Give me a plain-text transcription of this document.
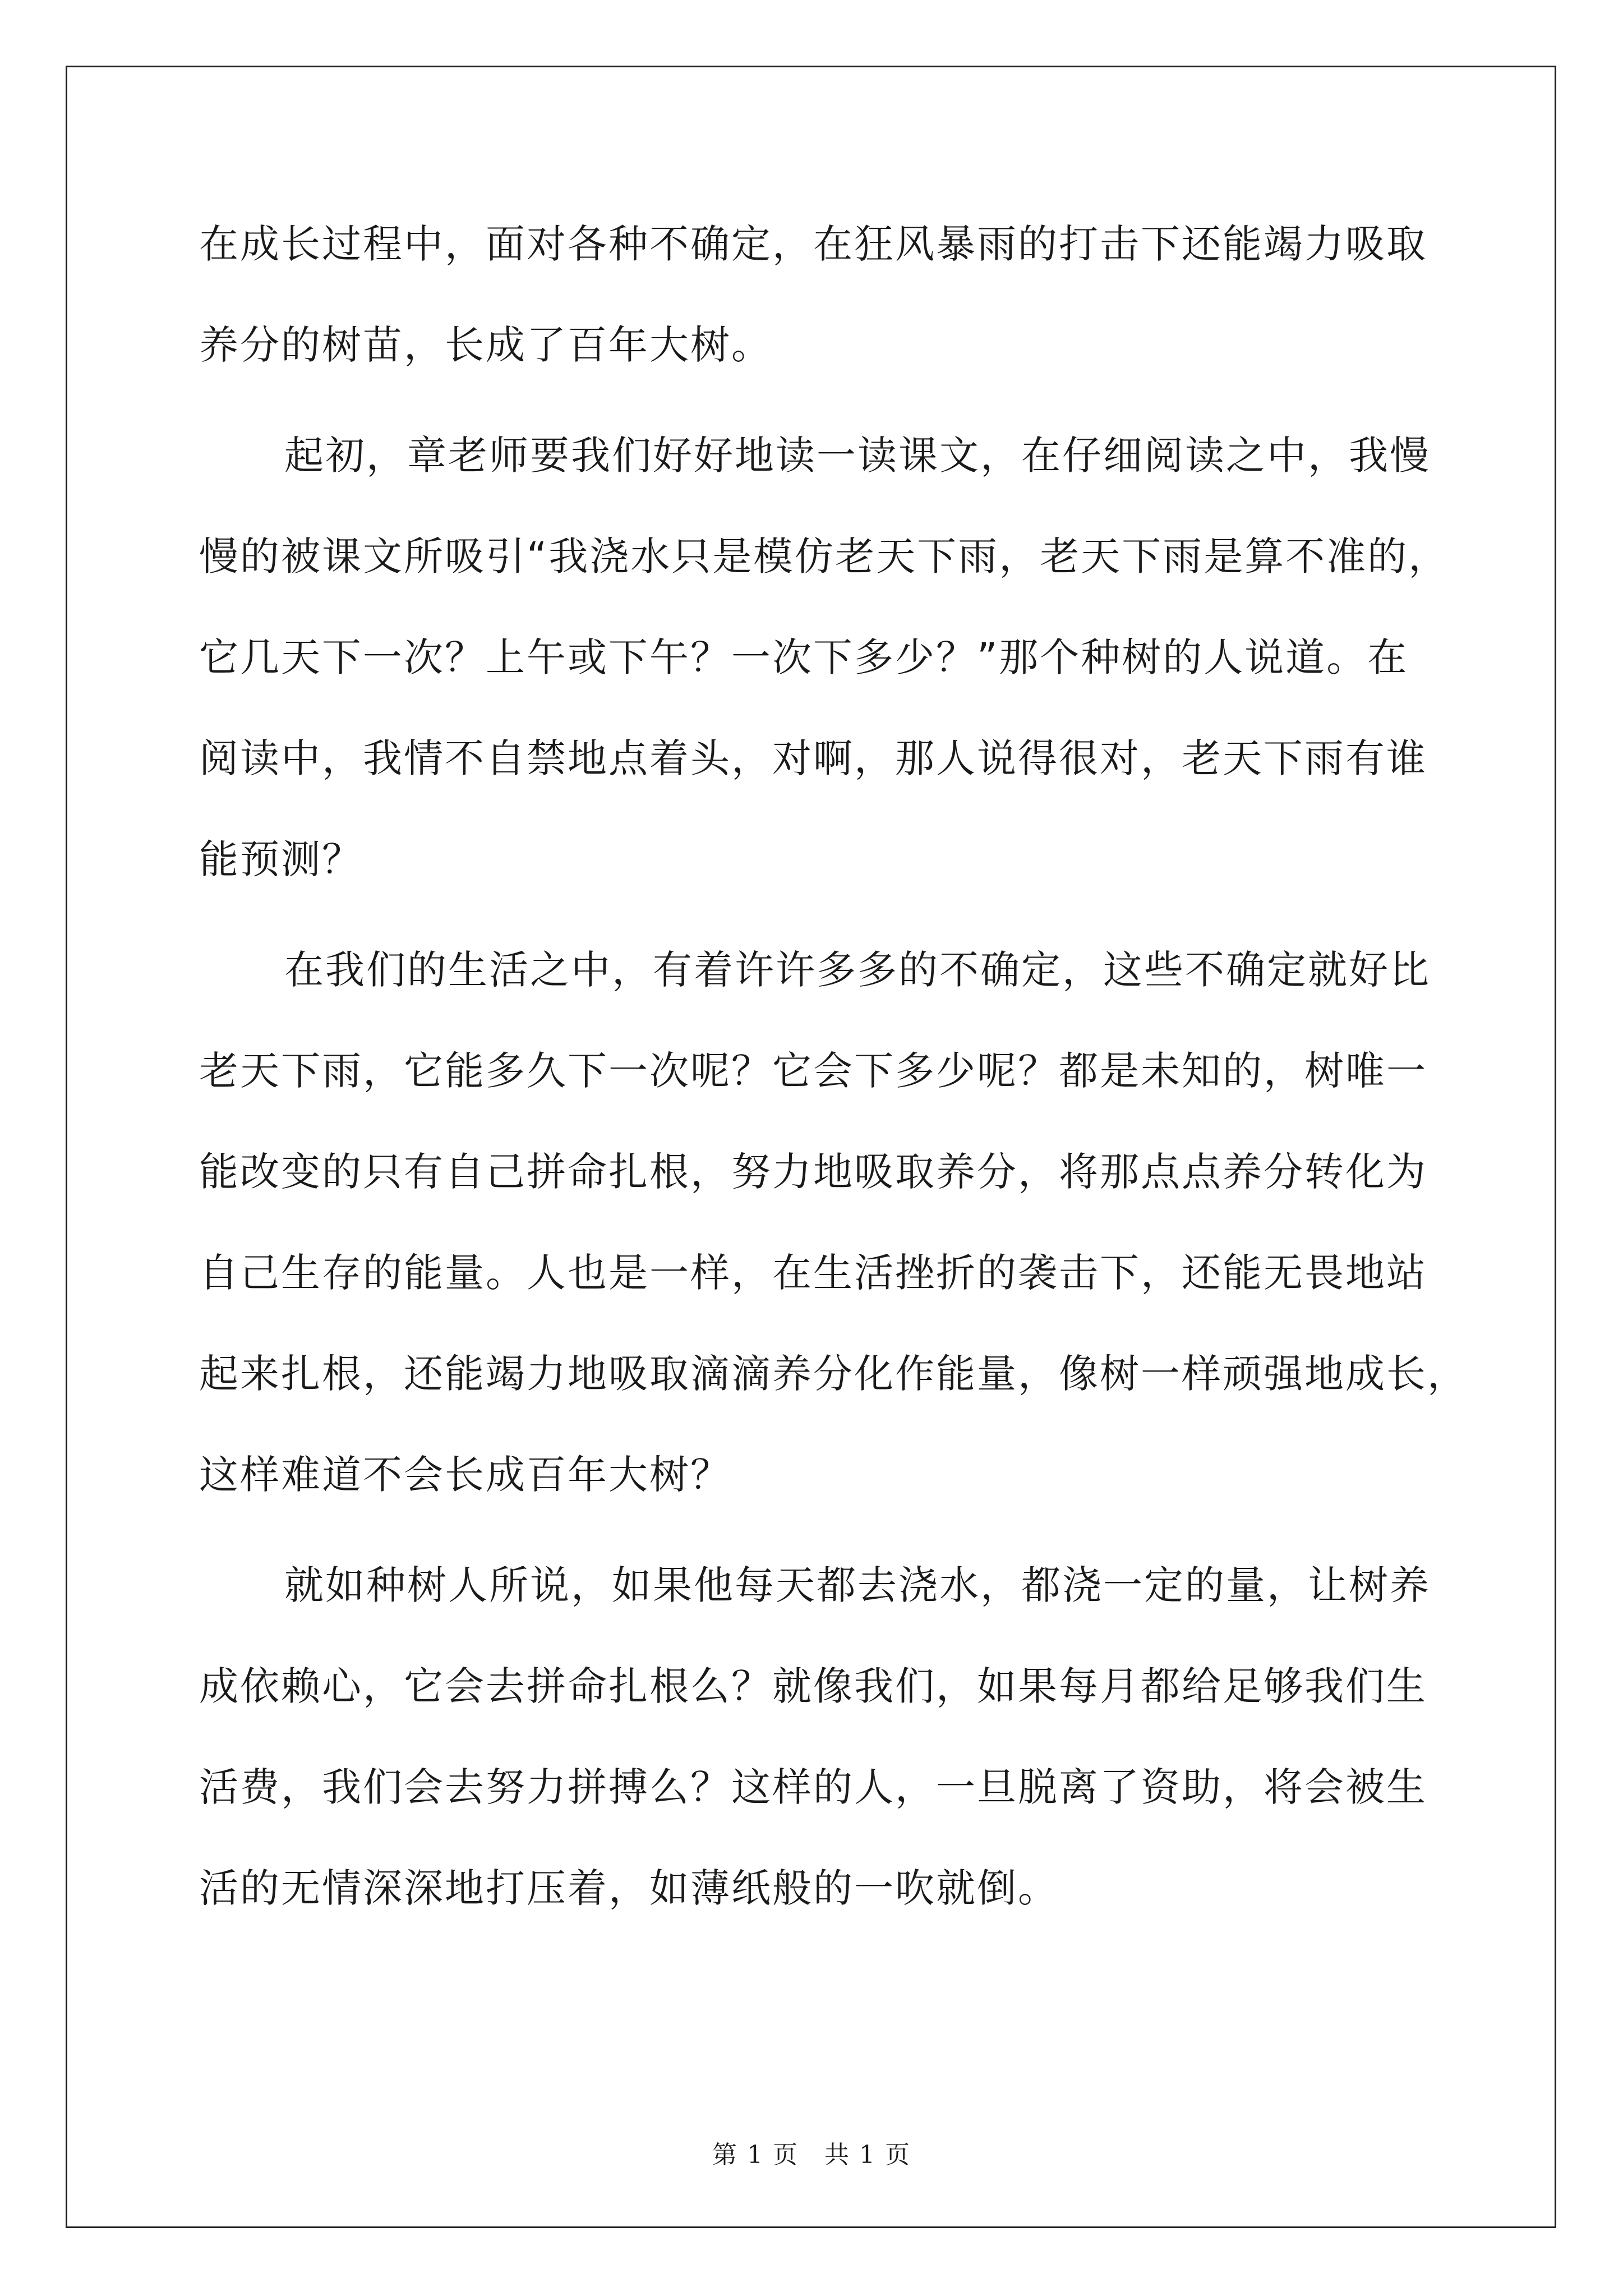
在成长过程中，面对各种不确定，在狂风暴雨的打击下还能竭力吸取
养分的树苗，长成了百年大树。
起初，章老师要我们好好地读一读课文，在仔细阅读之中，我慢
慢的被课文所吸引“我浇水只是模仿老天下雨，老天下雨是算不准的，
它几天下一次？上午或下午？一次下多少？”那个种树的人说道。在
阅读中，我情不自禁地点着头，对啊，那人说得很对，老天下雨有谁
能预测？
在我们的生活之中，有着许许多多的不确定，这些不确定就好比
老天下雨，它能多久下一次呢？它会下多少呢？都是未知的，树唯一
能改变的只有自己拼命扎根，努力地吸取养分，将那点点养分转化为
自己生存的能量。人也是一样，在生活挫折的袭击下，还能无畏地站
起来扎根，还能竭力地吸取滴滴养分化作能量，像树一样顽强地成长，
这样难道不会长成百年大树？
就如种树人所说，如果他每天都去浇水，都浇一定的量，让树养
成依赖心，它会去拼命扎根么？就像我们，如果每月都给足够我们生
活费，我们会去努力拼搏么？这样的人，一旦脱离了资助，将会被生
活的无情深深地打压着，如薄纸般的一吹就倒。
第 1 页　共 1 页
